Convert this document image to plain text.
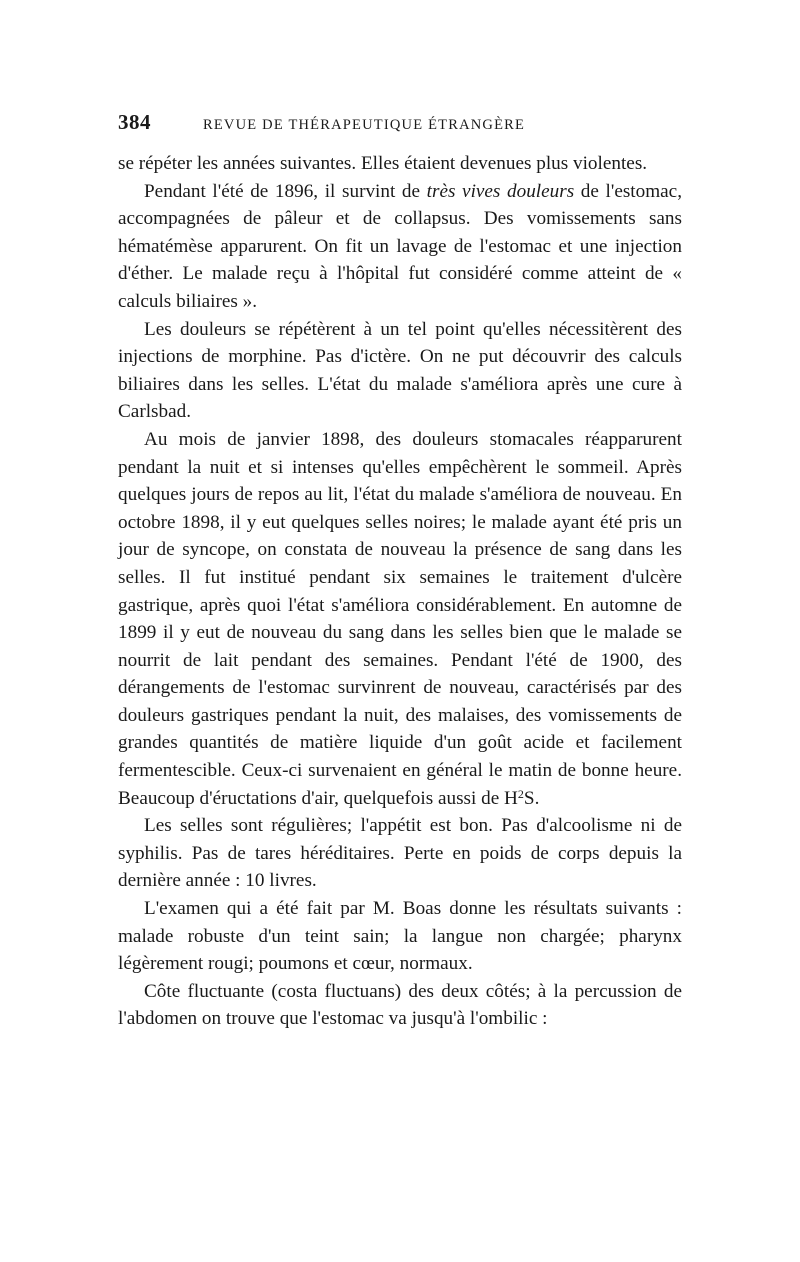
384	REVUE DE THÉRAPEUTIQUE ÉTRANGÈRE

se répéter les années suivantes. Elles étaient devenues plus violentes.

Pendant l'été de 1896, il survint de très vives douleurs de l'estomac, accompagnées de pâleur et de collapsus. Des vomissements sans hématémèse apparurent. On fit un lavage de l'estomac et une injection d'éther. Le malade reçu à l'hôpital fut considéré comme atteint de « calculs biliaires ».

Les douleurs se répétèrent à un tel point qu'elles nécessitèrent des injections de morphine. Pas d'ictère. On ne put découvrir des calculs biliaires dans les selles. L'état du malade s'améliora après une cure à Carlsbad.

Au mois de janvier 1898, des douleurs stomacales réapparurent pendant la nuit et si intenses qu'elles empêchèrent le sommeil. Après quelques jours de repos au lit, l'état du malade s'améliora de nouveau. En octobre 1898, il y eut quelques selles noires; le malade ayant été pris un jour de syncope, on constata de nouveau la présence de sang dans les selles. Il fut institué pendant six semaines le traitement d'ulcère gastrique, après quoi l'état s'améliora considérablement. En automne de 1899 il y eut de nouveau du sang dans les selles bien que le malade se nourrit de lait pendant des semaines. Pendant l'été de 1900, des dérangements de l'estomac survinrent de nouveau, caractérisés par des douleurs gastriques pendant la nuit, des malaises, des vomissements de grandes quantités de matière liquide d'un goût acide et facilement fermentescible. Ceux-ci survenaient en général le matin de bonne heure. Beaucoup d'éructations d'air, quelquefois aussi de $H^2S$.

Les selles sont régulières; l'appétit est bon. Pas d'alcoolisme ni de syphilis. Pas de tares héréditaires. Perte en poids de corps depuis la dernière année : 10 livres.

L'examen qui a été fait par M. Boas donne les résultats suivants : malade robuste d'un teint sain; la langue non chargée; pharynx légèrement rougi; poumons et cœur, normaux.

Côte fluctuante (costa fluctuans) des deux côtés; à la percussion de l'abdomen on trouve que l'estomac va jusqu'à l'ombilic :
